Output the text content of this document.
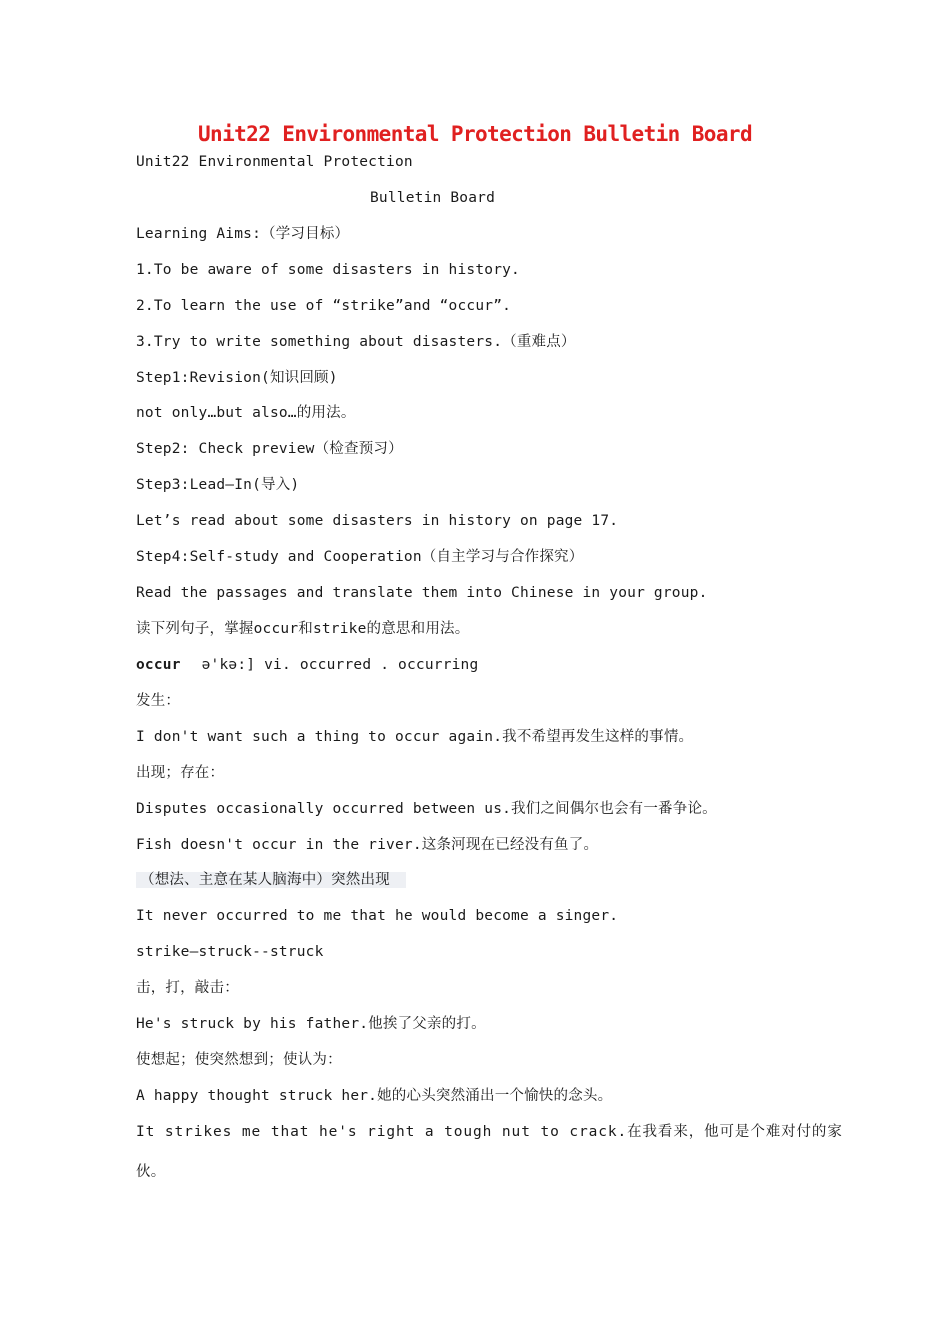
Unit22 Environmental Protection Bulletin Board
Unit22 Environmental Protection
Bulletin Board
Learning Aims:（学习目标）
1.To be aware of some disasters in history.
2.To learn the use of “strike”and “occur”.
3.Try to write something about disasters.（重难点）
Step1:Revision(知识回顾)
not only…but also…的用法。
Step2: Check preview（检查预习）
Step3:Lead—In(导入)
Let’s read about some disasters in history on page 17.
Step4:Self-study and Cooperation（自主学习与合作探究）
Read the passages and translate them into Chinese in your group.
读下列句子，掌握occur和strike的意思和用法。
occur ə'kə:] vi. occurred . occurring
发生：
I don't want such a thing to occur again.我不希望再发生这样的事情。
出现；存在：
Disputes occasionally occurred between us.我们之间偶尔也会有一番争论。
Fish doesn't occur in the river.这条河现在已经没有鱼了。
（想法、主意在某人脑海中）突然出现
It never occurred to me that he would become a singer.
strike—struck--struck
击，打，敲击：
He's struck by his father.他挨了父亲的打。
使想起；使突然想到；使认为：
A happy thought struck her.她的心头突然涌出一个愉快的念头。
It strikes me that he's right a tough nut to crack.在我看来，他可是个难对付的家
伙。
